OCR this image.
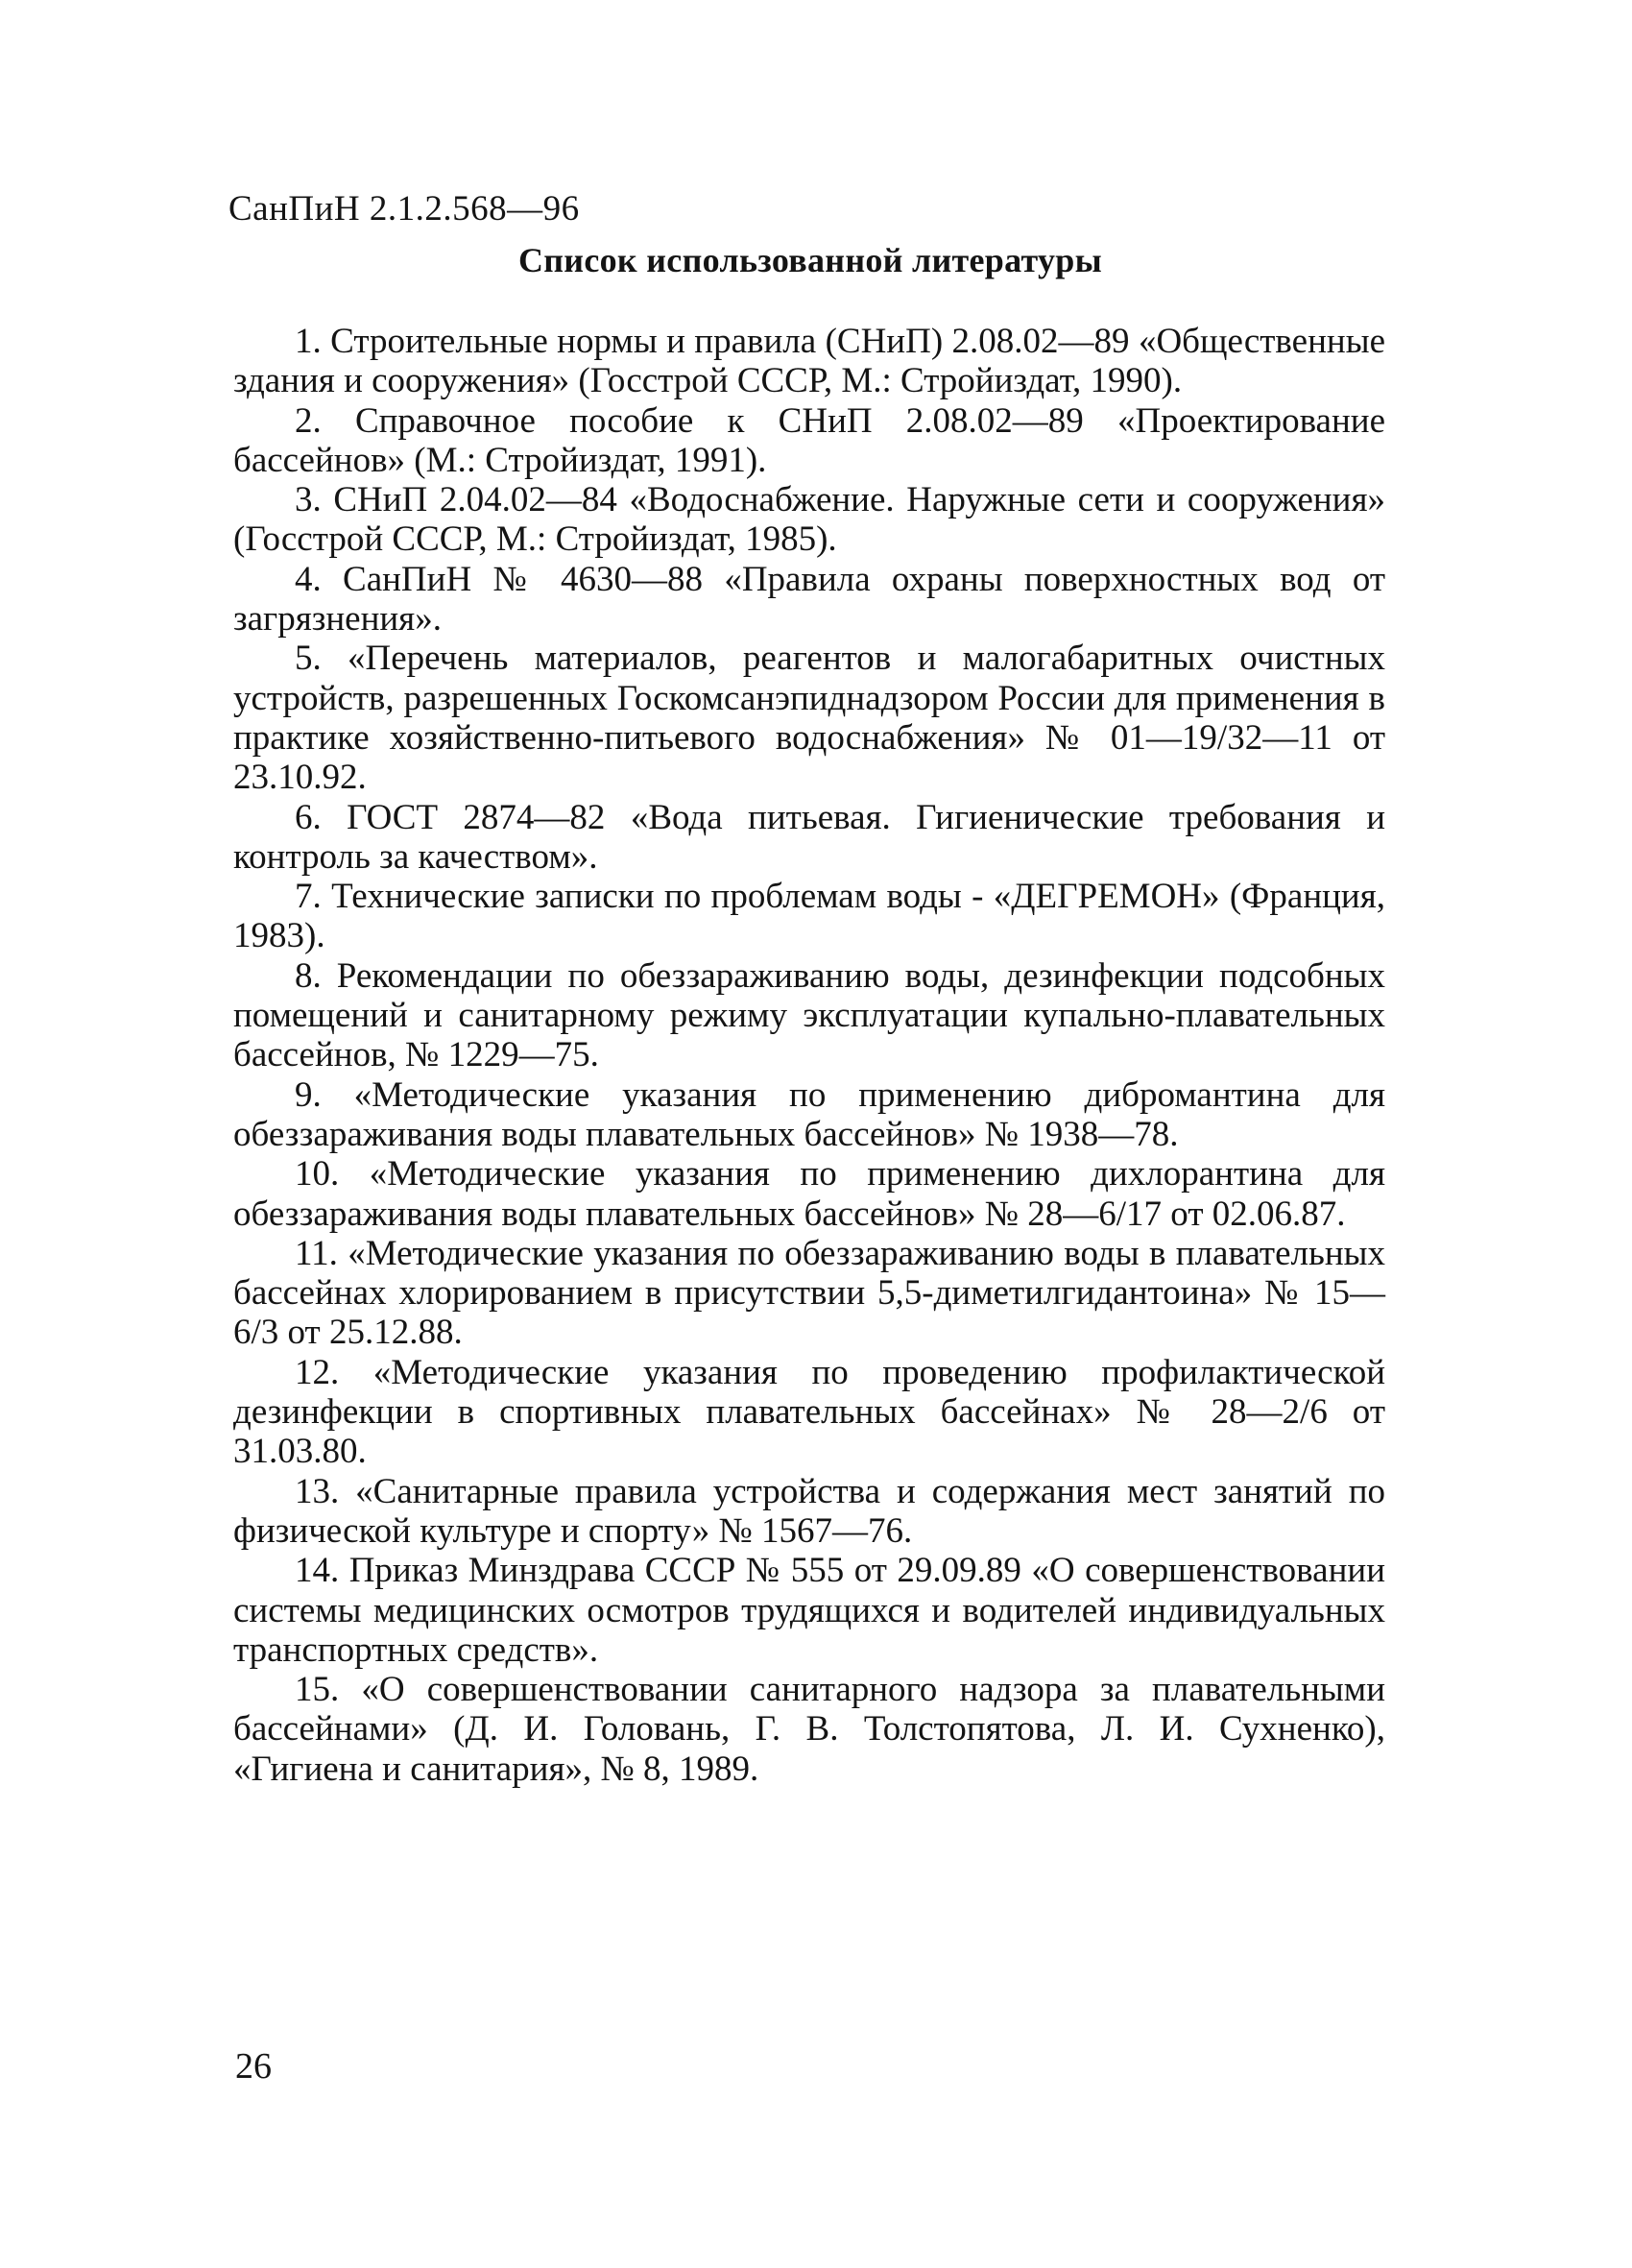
СанПиН 2.1.2.568—96
Список использованной литературы
1. Строительные нормы и правила (СНиП) 2.08.02—89 «Общественные здания и сооружения» (Госстрой СССР, М.: Стройиздат, 1990).
2. Справочное пособие к СНиП 2.08.02—89 «Проектирование бассейнов» (М.: Стройиздат, 1991).
3. СНиП 2.04.02—84 «Водоснабжение. Наружные сети и сооружения» (Госстрой СССР, М.: Стройиздат, 1985).
4. СанПиН № 4630—88 «Правила охраны поверхностных вод от загрязнения».
5. «Перечень материалов, реагентов и малогабаритных очистных устройств, разрешенных Госкомсанэпиднадзором России для применения в практике хозяйственно-питьевого водоснабжения» № 01—19/32—11 от 23.10.92.
6. ГОСТ 2874—82 «Вода питьевая. Гигиенические требования и контроль за качеством».
7. Технические записки по проблемам воды - «ДЕГРЕМОН» (Франция, 1983).
8. Рекомендации по обеззараживанию воды, дезинфекции подсобных помещений и санитарному режиму эксплуатации купально-плавательных бассейнов, № 1229—75.
9. «Методические указания по применению дибромантина для обеззараживания воды плавательных бассейнов» № 1938—78.
10. «Методические указания по применению дихлорантина для обеззараживания воды плавательных бассейнов» № 28—6/17 от 02.06.87.
11. «Методические указания по обеззараживанию воды в плавательных бассейнах хлорированием в присутствии 5,5-диметилгидантоина» № 15—6/3 от 25.12.88.
12. «Методические указания по проведению профилактической дезинфекции в спортивных плавательных бассейнах» № 28—2/6 от 31.03.80.
13. «Санитарные правила устройства и содержания мест занятий по физической культуре и спорту» № 1567—76.
14. Приказ Минздрава СССР № 555 от 29.09.89 «О совершенствовании системы медицинских осмотров трудящихся и водителей индивидуальных транспортных средств».
15. «О совершенствовании санитарного надзора за плавательными бассейнами» (Д. И. Головань, Г. В. Толстопятова, Л. И. Сухненко), «Гигиена и санитария», № 8, 1989.
26
